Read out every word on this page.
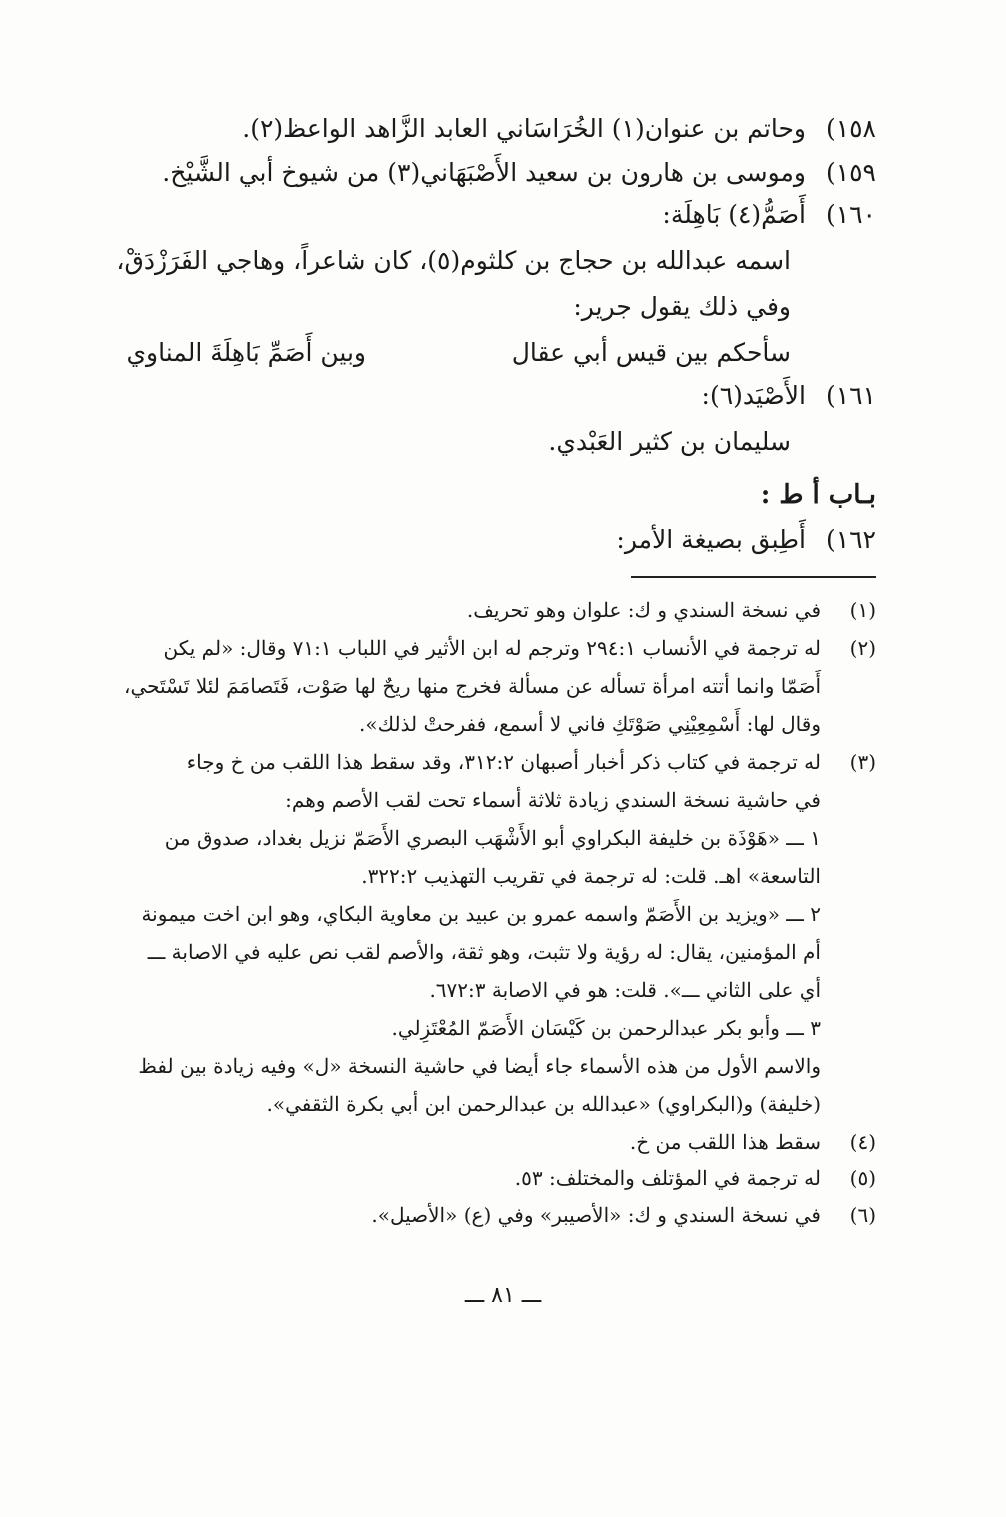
١٥٨)وحاتم بن عنوان(١) الخُرَاسَاني العابد الزَّاهد الواعظ(٢).
١٥٩)وموسى بن هارون بن سعيد الأَصْبَهَاني(٣) من شيوخ أبي الشَّيْخ.
١٦٠)أَصَمُّ(٤) بَاهِلَة:
اسمه عبدالله بن حجاج بن كلثوم(٥)، كان شاعراً، وهاجي الفَرَزْدَقْ،
وفي ذلك يقول جرير:
سأحكم بين قيس أبي عقال
وبين أَصَمِّ بَاهِلَةَ المناوي
١٦١)الأَصْيَد(٦):
سليمان بن كثير العَبْدي.
بـاب أ ط :
١٦٢)أَطِبق بصيغة الأمر:
(١)في نسخة السندي و ك: علوان وهو تحريف.
(٢)له ترجمة في الأنساب ٢٩٤:١ وترجم له ابن الأثير في اللباب ٧١:١ وقال: «لم يكن
أَصَمّا وانما أتته امرأة تسأله عن مسألة فخرج منها ريحٌ لها صَوْت، فَتَصامَمَ لئلا تَسْتَحي،
وقال لها: أَسْمِعِيْنِي صَوْتَكِ فاني لا أسمع، ففرحتْ لذلك».
(٣)له ترجمة في كتاب ذكر أخبار أصبهان ٣١٢:٢، وقد سقط هذا اللقب من خ وجاء
في حاشية نسخة السندي زيادة ثلاثة أسماء تحت لقب الأصم وهم:
١ ـــ «هَوْذَة بن خليفة البكراوي أبو الأَشْهَب البصري الأَصَمّ نزيل بغداد، صدوق من
التاسعة» اهـ. قلت: له ترجمة في تقريب التهذيب ٣٢٢:٢.
٢ ـــ «ويزيد بن الأَصَمّ واسمه عمرو بن عبيد بن معاوية البكاي، وهو ابن اخت ميمونة
أم المؤمنين، يقال: له رؤية ولا تثبت، وهو ثقة، والأصم لقب نص عليه في الاصابة ـــ
أي على الثاني ـــ». قلت: هو في الاصابة ٦٧٢:٣.
٣ ـــ وأبو بكر عبدالرحمن بن كَيْسَان الأَصَمّ المُعْتَزِلي.
والاسم الأول من هذه الأسماء جاء أيضا في حاشية النسخة «ل» وفيه زيادة بين لفظ
(خليفة) و(البكراوي) «عبدالله بن عبدالرحمن ابن أبي بكرة الثقفي».
(٤)سقط هذا اللقب من خ.
(٥)له ترجمة في المؤتلف والمختلف: ٥٣.
(٦)في نسخة السندي و ك: «الأصيبر» وفي (ع) «الأصيل».
ـــ ٨١ ـــ
